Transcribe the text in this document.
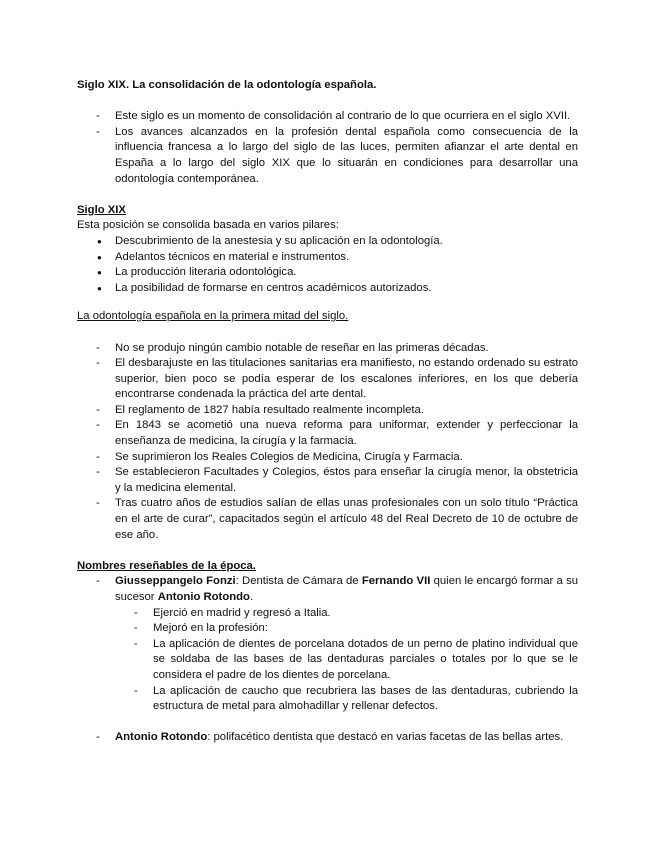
Siglo XIX. La consolidación de la odontología española.

- Este siglo es un momento de consolidación al contrario de lo que ocurriera en el siglo XVII.
- Los avances alcanzados en la profesión dental española como consecuencia de la influencia francesa a lo largo del siglo de las luces, permiten afianzar el arte dental en España a lo largo del siglo XIX que lo situarán en condiciones para desarrollar una odontología contemporánea.

Siglo XIX

Esta posición se consolida basada en varios pilares:

● Descubrimiento de la anestesia y su aplicación en la odontología.
● Adelantos técnicos en material e instrumentos.
● La producción literaria odontológica.
● La posibilidad de formarse en centros académicos autorizados.

La odontología española en la primera mitad del siglo.

- No se produjo ningún cambio notable de reseñar en las primeras décadas.
- El desbarajuste en las titulaciones sanitarias era manifiesto, no estando ordenado su estrato superior, bien poco se podía esperar de los escalones inferiores, en los que debería encontrarse condenada la práctica del arte dental.
- El reglamento de 1827 había resultado realmente incompleta.
- En 1843 se acometió una nueva reforma para uniformar, extender y perfeccionar la enseñanza de medicina, la cirugía y la farmacia.
- Se suprimieron los Reales Colegios de Medicina, Cirugía y Farmacia.
- Se establecieron Facultades y Colegios, éstos para enseñar la cirugía menor, la obstetricia y la medicina elemental.
- Tras cuatro años de estudios salían de ellas unas profesionales con un solo título “Práctica en el arte de curar”, capacitados según el artículo 48 del Real Decreto de 10 de octubre de ese año.

Nombres reseñables de la época.

- Giusseppangelo Fonzi: Dentista de Cámara de Fernando VII quien le encargó formar a su sucesor Antonio Rotondo.
- Ejerció en madrid y regresó a Italia.
- Mejoró en la profesión:
- La aplicación de dientes de porcelana dotados de un perno de platino individual que se soldaba de las bases de las dentaduras parciales o totales por lo que se le considera el padre de los dientes de porcelana.
- La aplicación de caucho que recubriera las bases de las dentaduras, cubriendo la estructura de metal para almohadillar y rellenar defectos.
- Antonio Rotondo: polifacético dentista que destacó en varias facetas de las bellas artes.
